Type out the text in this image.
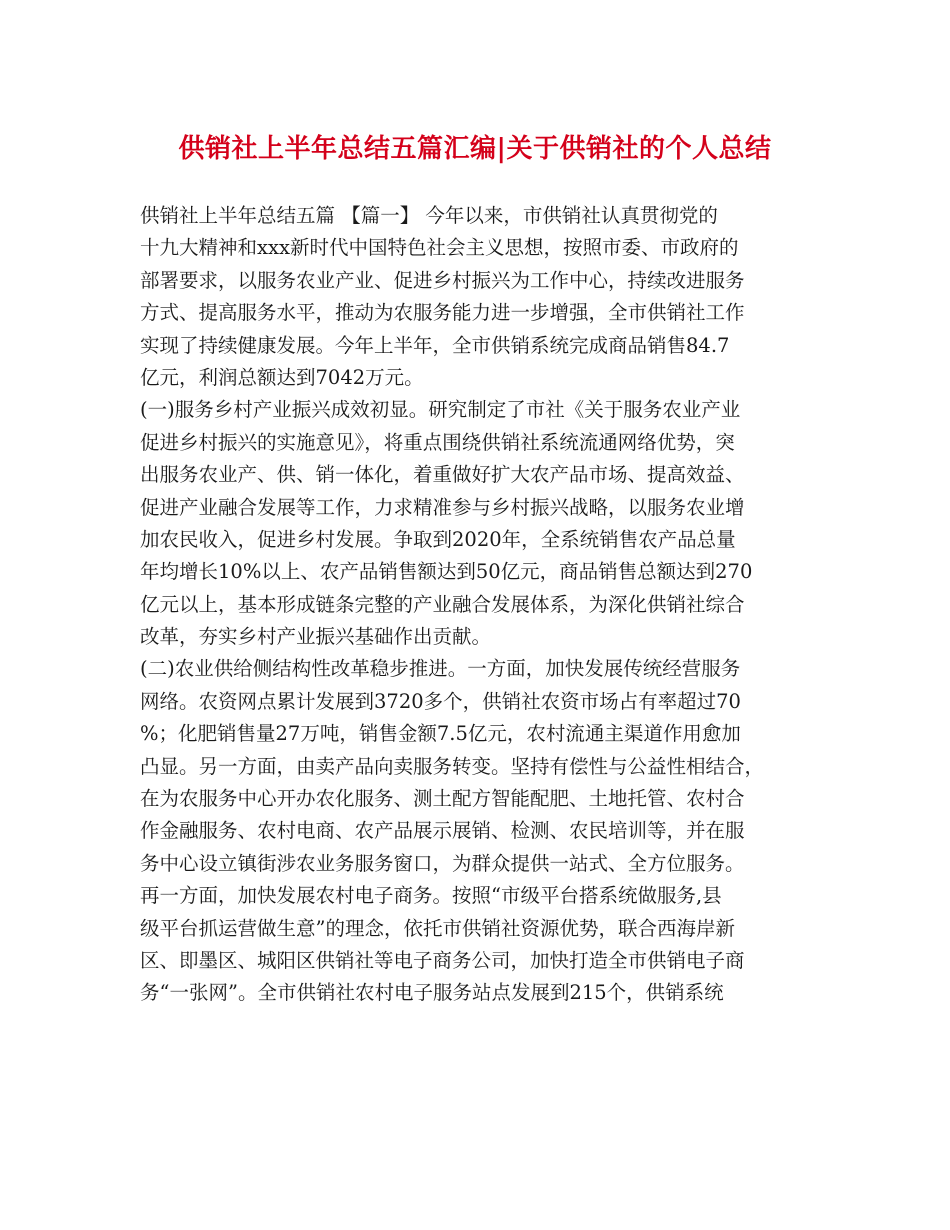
供销社上半年总结五篇汇编|关于供销社的个人总结
供销社上半年总结五篇 【篇一】 今年以来，市供销社认真贯彻党的
十九大精神和xxx新时代中国特色社会主义思想，按照市委、市政府的
部署要求，以服务农业产业、促进乡村振兴为工作中心，持续改进服务
方式、提高服务水平，推动为农服务能力进一步增强，全市供销社工作
实现了持续健康发展。今年上半年，全市供销系统完成商品销售84.7
亿元，利润总额达到7042万元。
(一)服务乡村产业振兴成效初显。研究制定了市社《关于服务农业产业
促进乡村振兴的实施意见》，将重点围绕供销社系统流通网络优势，突
出服务农业产、供、销一体化，着重做好扩大农产品市场、提高效益、
促进产业融合发展等工作，力求精准参与乡村振兴战略，以服务农业增
加农民收入，促进乡村发展。争取到2020年，全系统销售农产品总量
年均增长10%以上、农产品销售额达到50亿元，商品销售总额达到270
亿元以上，基本形成链条完整的产业融合发展体系，为深化供销社综合
改革，夯实乡村产业振兴基础作出贡献。
(二)农业供给侧结构性改革稳步推进。一方面，加快发展传统经营服务
网络。农资网点累计发展到3720多个，供销社农资市场占有率超过70
%；化肥销售量27万吨，销售金额7.5亿元，农村流通主渠道作用愈加
凸显。另一方面，由卖产品向卖服务转变。坚持有偿性与公益性相结合，
在为农服务中心开办农化服务、测土配方智能配肥、土地托管、农村合
作金融服务、农村电商、农产品展示展销、检测、农民培训等，并在服
务中心设立镇街涉农业务服务窗口，为群众提供一站式、全方位服务。
再一方面，加快发展农村电子商务。按照“市级平台搭系统做服务,县
级平台抓运营做生意”的理念，依托市供销社资源优势，联合西海岸新
区、即墨区、城阳区供销社等电子商务公司，加快打造全市供销电子商
务“一张网”。全市供销社农村电子服务站点发展到215个，供销系统
